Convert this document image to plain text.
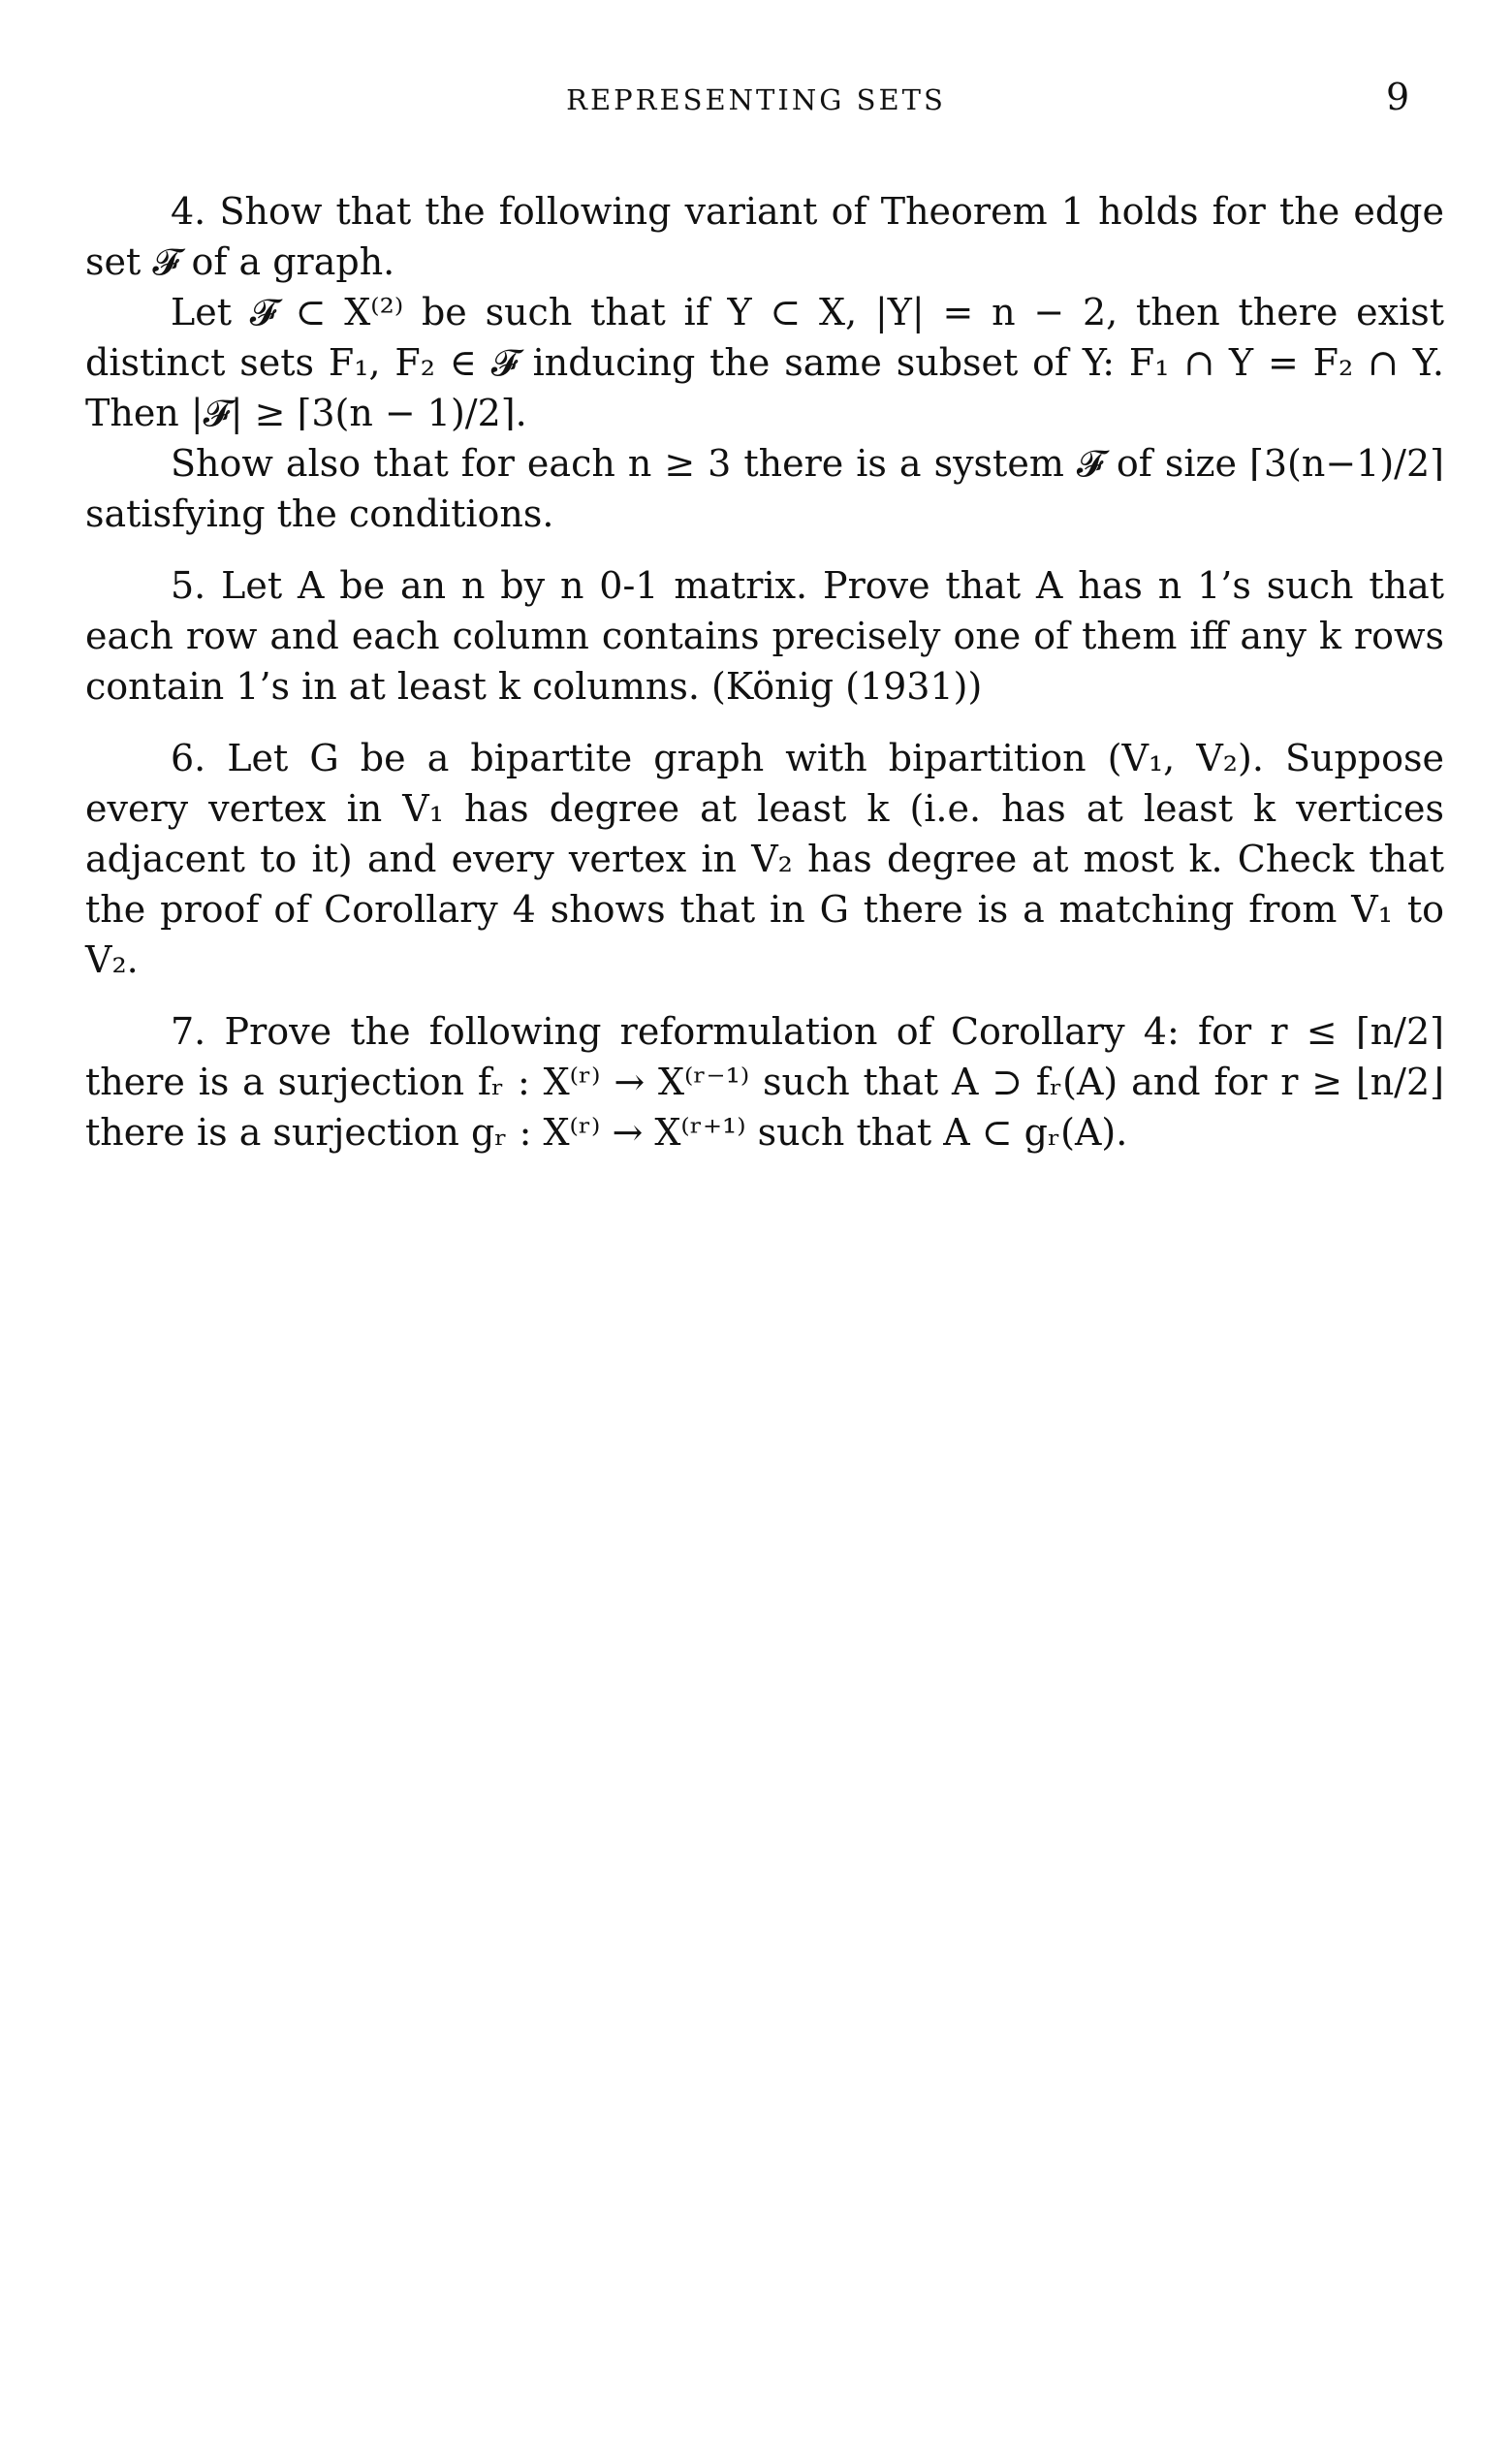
REPRESENTING SETS	9

4. Show that the following variant of Theorem 1 holds for the edge set 𝓕 of a graph.

Let 𝓕 ⊂ X⁽²⁾ be such that if Y ⊂ X, |Y| = n − 2, then there exist distinct sets F₁, F₂ ∈ 𝓕 inducing the same subset of Y: F₁ ∩ Y = F₂ ∩ Y. Then |𝓕| ≥ ⌈3(n − 1)/2⌉.

Show also that for each n ≥ 3 there is a system 𝓕 of size ⌈3(n−1)/2⌉ satisfying the conditions.

5. Let A be an n by n 0-1 matrix. Prove that A has n 1’s such that each row and each column contains precisely one of them iff any k rows contain 1’s in at least k columns. (König (1931))

6. Let G be a bipartite graph with bipartition (V₁, V₂). Suppose every vertex in V₁ has degree at least k (i.e. has at least k vertices adjacent to it) and every vertex in V₂ has degree at most k. Check that the proof of Corollary 4 shows that in G there is a matching from V₁ to V₂.

7. Prove the following reformulation of Corollary 4: for r ≤ ⌈n/2⌉ there is a surjection fᵣ : X⁽ʳ⁾ → X⁽ʳ⁻¹⁾ such that A ⊃ fᵣ(A) and for r ≥ ⌊n/2⌋ there is a surjection gᵣ : X⁽ʳ⁾ → X⁽ʳ⁺¹⁾ such that A ⊂ gᵣ(A).
